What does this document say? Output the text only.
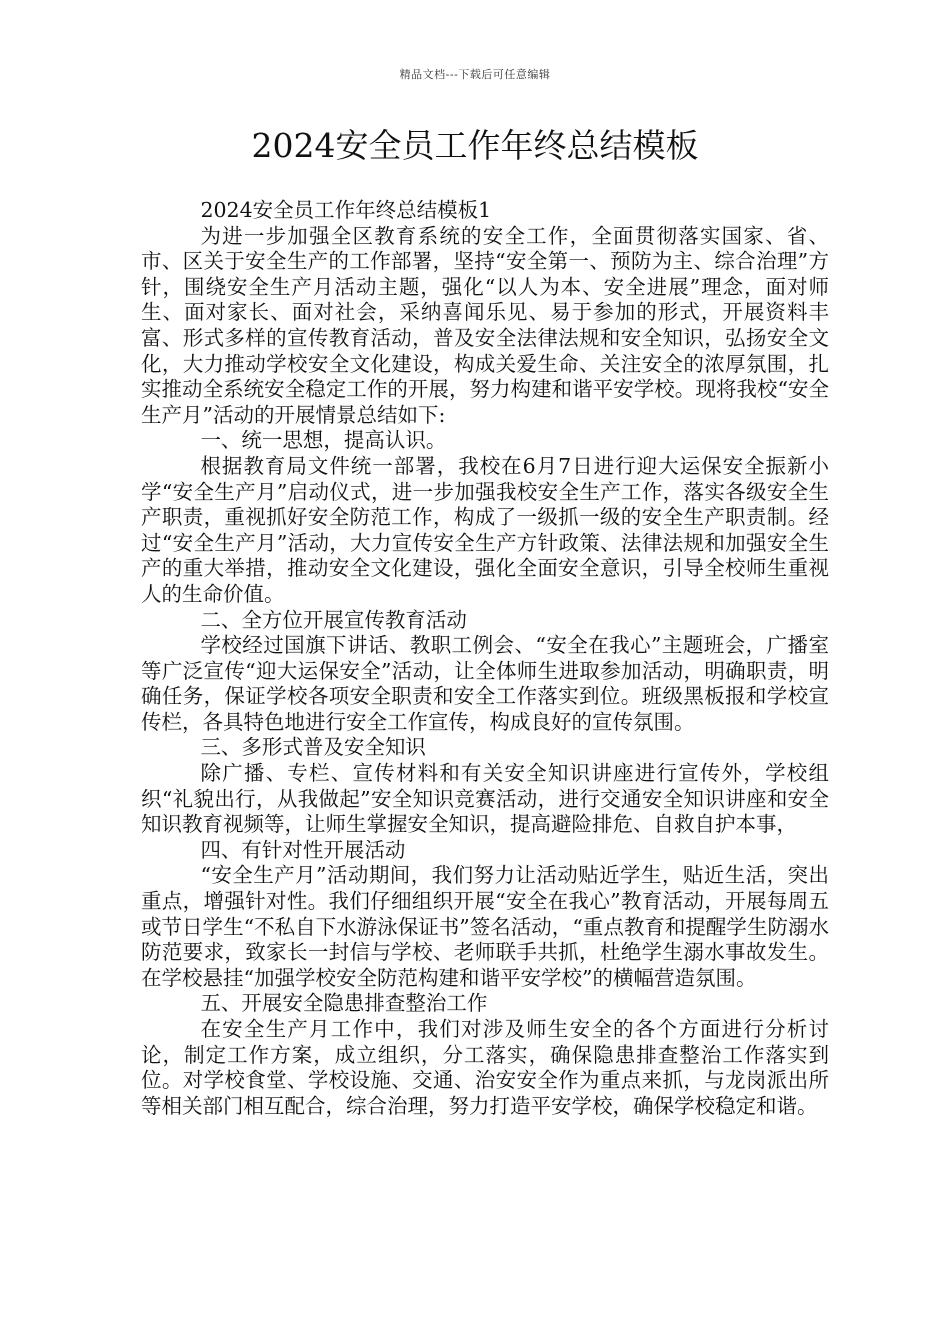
精品文档---下载后可任意编辑
2024安全员工作年终总结模板

2024安全员工作年终总结模板1

为进一步加强全区教育系统的安全工作，全面贯彻落实国家、省、市、区关于安全生产的工作部署，坚持“安全第一、预防为主、综合治理”方针，围绕安全生产月活动主题，强化“以人为本、安全进展”理念，面对师生、面对家长、面对社会，采纳喜闻乐见、易于参加的形式，开展资料丰富、形式多样的宣传教育活动，普及安全法律法规和安全知识，弘扬安全文化，大力推动学校安全文化建设，构成关爱生命、关注安全的浓厚氛围，扎实推动全系统安全稳定工作的开展，努力构建和谐平安学校。现将我校“安全生产月”活动的开展情景总结如下:

一、统一思想，提高认识。

根据教育局文件统一部署，我校在6月7日进行迎大运保安全振新小学“安全生产月”启动仪式，进一步加强我校安全生产工作，落实各级安全生产职责，重视抓好安全防范工作，构成了一级抓一级的安全生产职责制。经过“安全生产月”活动，大力宣传安全生产方针政策、法律法规和加强安全生产的重大举措，推动安全文化建设，强化全面安全意识，引导全校师生重视人的生命价值。

二、全方位开展宣传教育活动

学校经过国旗下讲话、教职工例会、“安全在我心”主题班会，广播室等广泛宣传“迎大运保安全”活动，让全体师生进取参加活动，明确职责，明确任务，保证学校各项安全职责和安全工作落实到位。班级黑板报和学校宣传栏，各具特色地进行安全工作宣传，构成良好的宣传氛围。

三、多形式普及安全知识

除广播、专栏、宣传材料和有关安全知识讲座进行宣传外，学校组织“礼貌出行，从我做起”安全知识竞赛活动，进行交通安全知识讲座和安全知识教育视频等，让师生掌握安全知识，提高避险排危、自救自护本事，

四、有针对性开展活动

“安全生产月”活动期间，我们努力让活动贴近学生，贴近生活，突出重点，增强针对性。我们仔细组织开展“安全在我心”教育活动，开展每周五或节日学生“不私自下水游泳保证书”签名活动，“重点教育和提醒学生防溺水防范要求，致家长一封信与学校、老师联手共抓，杜绝学生溺水事故发生。在学校悬挂“加强学校安全防范构建和谐平安学校”的横幅营造氛围。

五、开展安全隐患排查整治工作

在安全生产月工作中，我们对涉及师生安全的各个方面进行分析讨论，制定工作方案，成立组织，分工落实，确保隐患排查整治工作落实到位。对学校食堂、学校设施、交通、治安安全作为重点来抓，与龙岗派出所等相关部门相互配合，综合治理，努力打造平安学校，确保学校稳定和谐。
